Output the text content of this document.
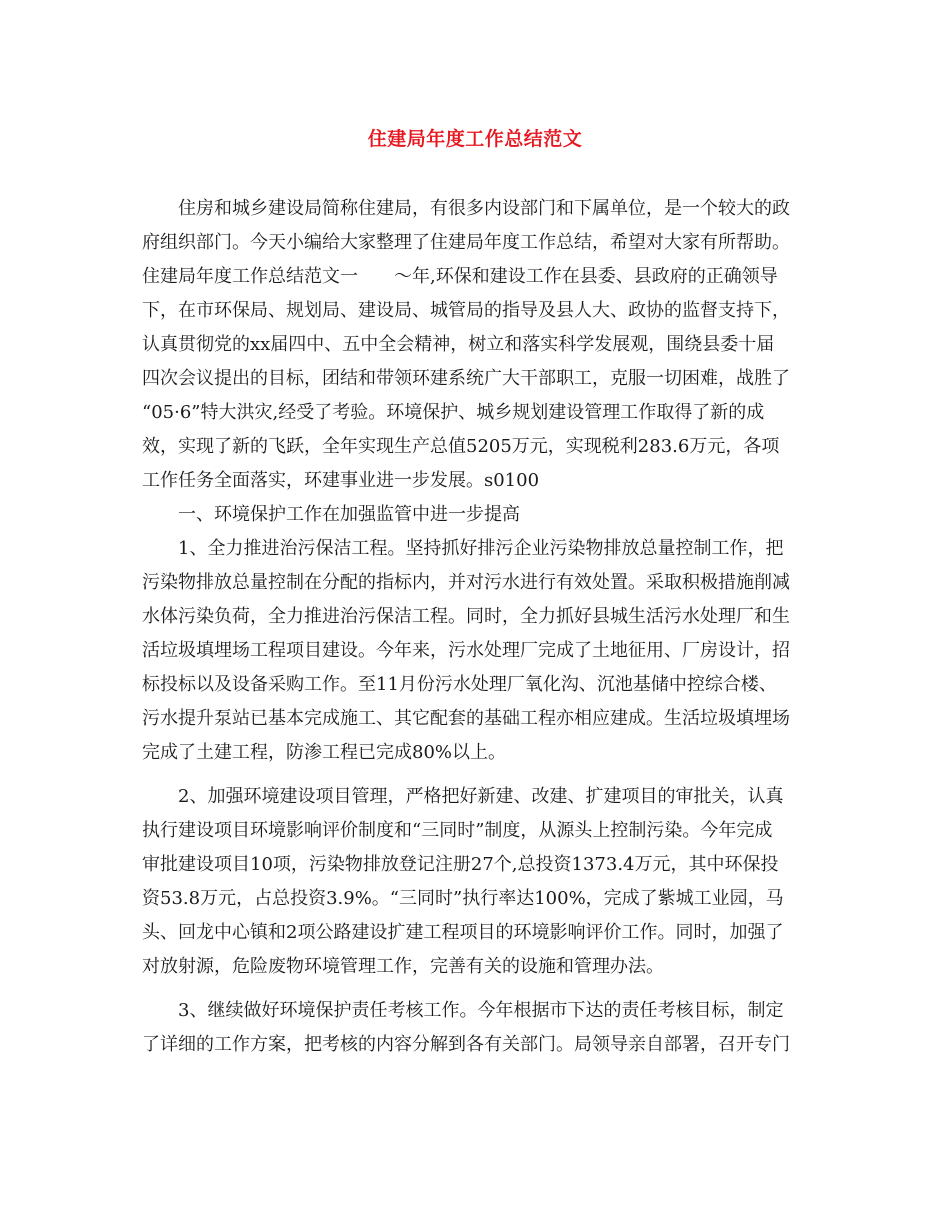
住建局年度工作总结范文
住房和城乡建设局简称住建局，有很多内设部门和下属单位，是一个较大的政
府组织部门。今天小编给大家整理了住建局年度工作总结，希望对大家有所帮助。
住建局年度工作总结范文一　　～年,环保和建设工作在县委、县政府的正确领导
下，在市环保局、规划局、建设局、城管局的指导及县人大、政协的监督支持下，
认真贯彻党的xx届四中、五中全会精神，树立和落实科学发展观，围绕县委十届
四次会议提出的目标，团结和带领环建系统广大干部职工，克服一切困难，战胜了
“05·6”特大洪灾,经受了考验。环境保护、城乡规划建设管理工作取得了新的成
效，实现了新的飞跃，全年实现生产总值5205万元，实现税利283.6万元，各项
工作任务全面落实，环建事业进一步发展。s0100
一、环境保护工作在加强监管中进一步提高
1、全力推进治污保洁工程。坚持抓好排污企业污染物排放总量控制工作，把
污染物排放总量控制在分配的指标内，并对污水进行有效处置。采取积极措施削减
水体污染负荷，全力推进治污保洁工程。同时，全力抓好县城生活污水处理厂和生
活垃圾填埋场工程项目建设。今年来，污水处理厂完成了土地征用、厂房设计，招
标投标以及设备采购工作。至11月份污水处理厂氧化沟、沉池基储中控综合楼、
污水提升泵站已基本完成施工、其它配套的基础工程亦相应建成。生活垃圾填埋场
完成了土建工程，防渗工程已完成80%以上。
2、加强环境建设项目管理，严格把好新建、改建、扩建项目的审批关，认真
执行建设项目环境影响评价制度和“三同时”制度，从源头上控制污染。今年完成
审批建设项目10项，污染物排放登记注册27个,总投资1373.4万元，其中环保投
资53.8万元，占总投资3.9%。“三同时”执行率达100%，完成了紫城工业园，马
头、回龙中心镇和2项公路建设扩建工程项目的环境影响评价工作。同时，加强了
对放射源，危险废物环境管理工作，完善有关的设施和管理办法。
3、继续做好环境保护责任考核工作。今年根据市下达的责任考核目标，制定
了详细的工作方案，把考核的内容分解到各有关部门。局领导亲自部署，召开专门
